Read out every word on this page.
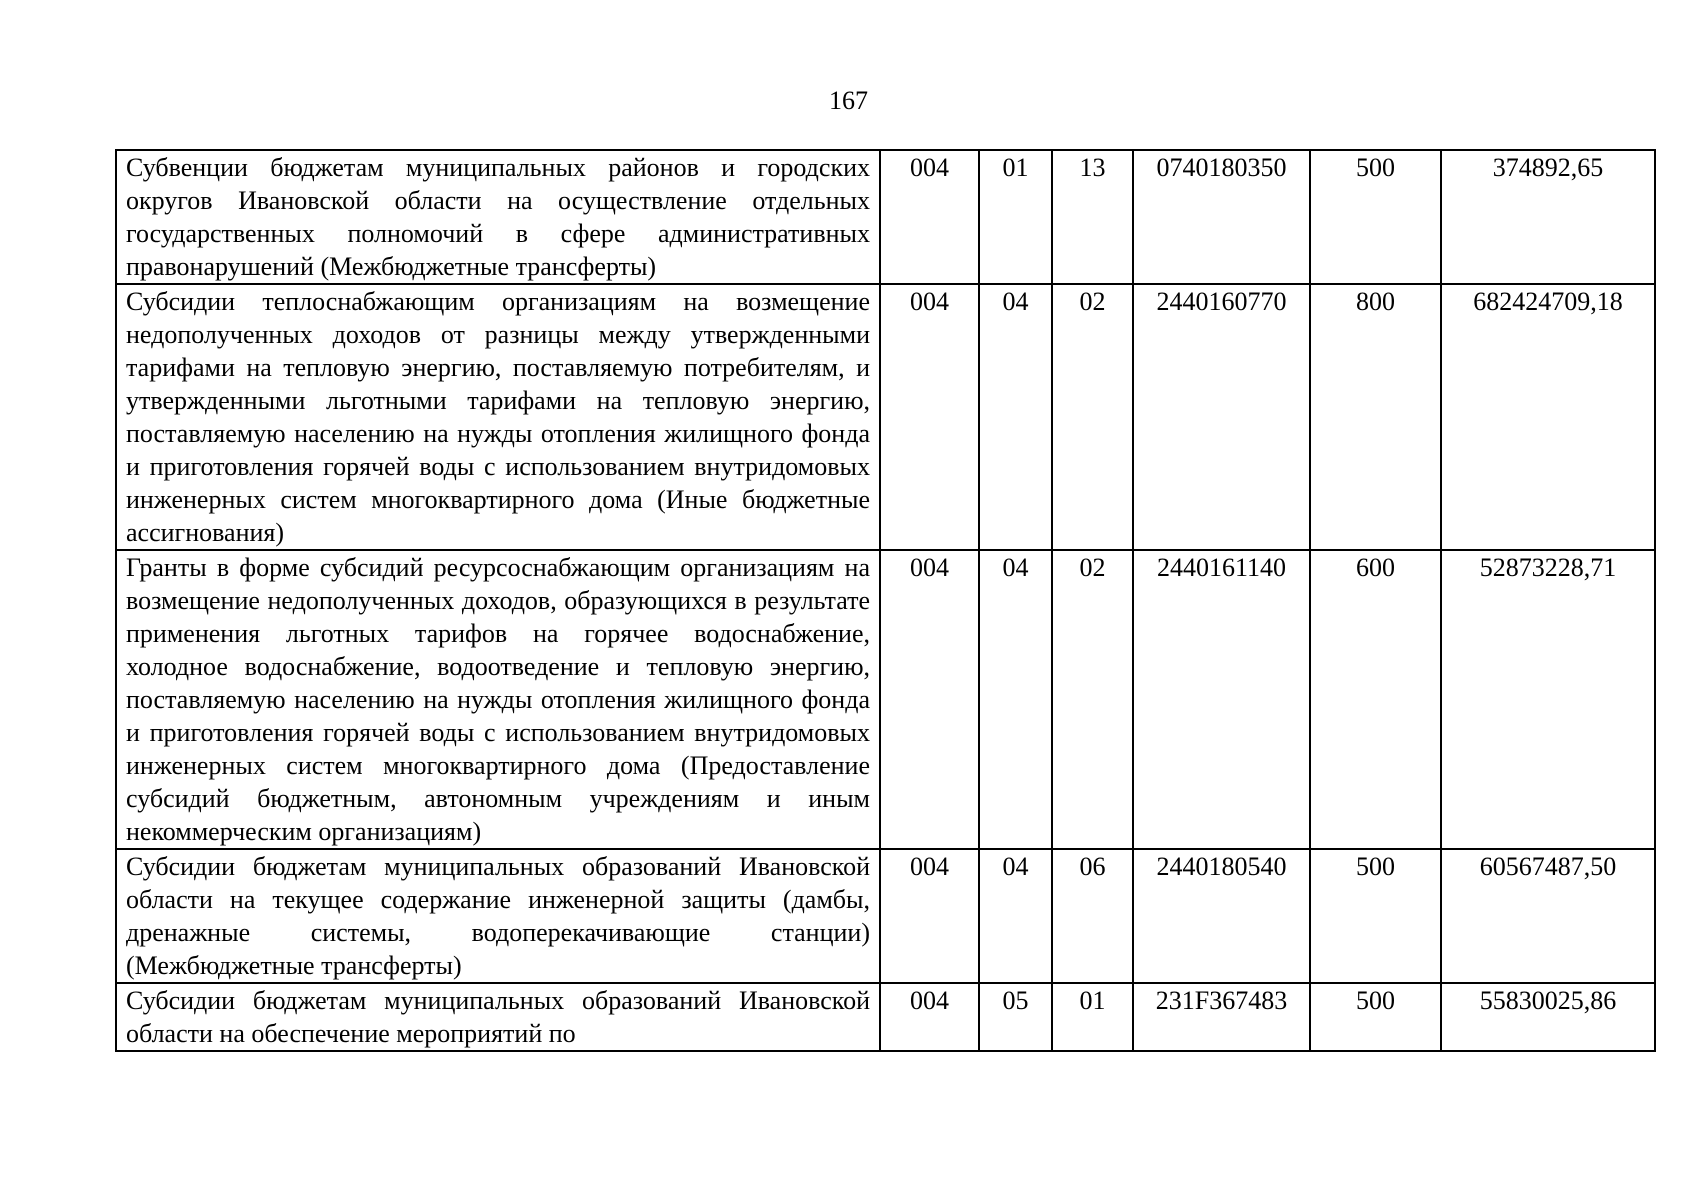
167
Субвенции бюджетам муниципальных районов и городских округов Ивановской области на осуществление отдельных государственных полномочий в сфере административных правонарушений (Межбюджетные трансферты)	004	01	13	0740180350	500	374892,65
Субсидии теплоснабжающим организациям на возмещение недополученных доходов от разницы между утвержденными тарифами на тепловую энергию, поставляемую потребителям, и утвержденными льготными тарифами на тепловую энергию, поставляемую населению на нужды отопления жилищного фонда и приготовления горячей воды с использованием внутридомовых инженерных систем многоквартирного дома (Иные бюджетные ассигнования)	004	04	02	2440160770	800	682424709,18
Гранты в форме субсидий ресурсоснабжающим организациям на возмещение недополученных доходов, образующихся в результате применения льготных тарифов на горячее водоснабжение, холодное водоснабжение, водоотведение и тепловую энергию, поставляемую населению на нужды отопления жилищного фонда и приготовления горячей воды с использованием внутридомовых инженерных систем многоквартирного дома (Предоставление субсидий бюджетным, автономным учреждениям и иным некоммерческим организациям)	004	04	02	2440161140	600	52873228,71
Субсидии бюджетам муниципальных образований Ивановской области на текущее содержание инженерной защиты (дамбы, дренажные системы, водоперекачивающие станции) (Межбюджетные трансферты)	004	04	06	2440180540	500	60567487,50
Субсидии бюджетам муниципальных образований Ивановской области на обеспечение мероприятий по	004	05	01	231F367483	500	55830025,86
